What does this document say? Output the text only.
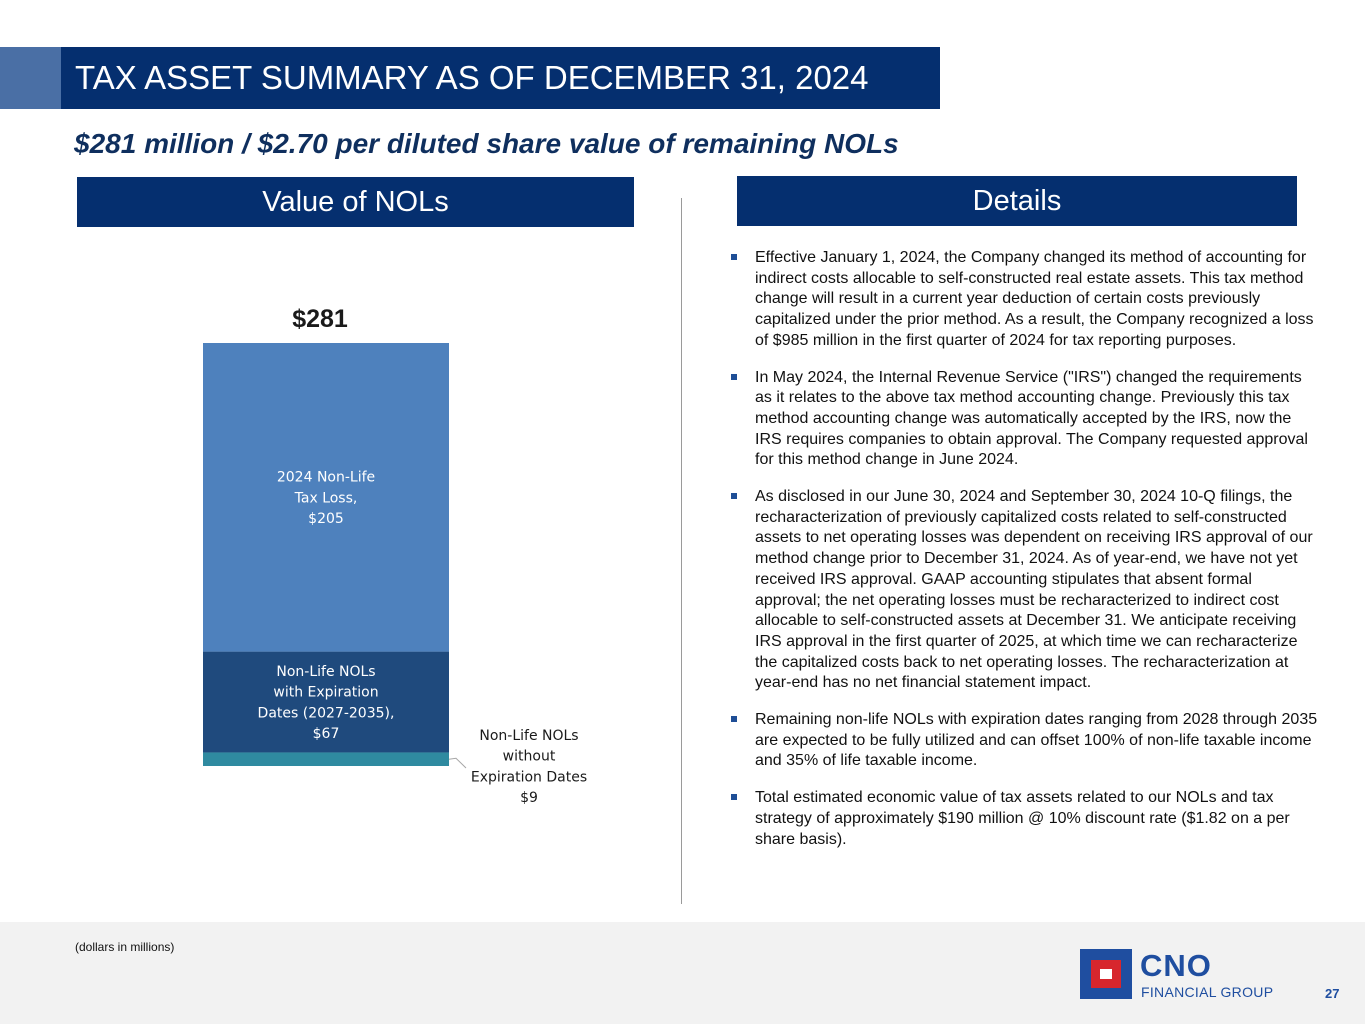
TAX ASSET SUMMARY AS OF DECEMBER 31, 2024
$281 million / $2.70 per diluted share value of remaining NOLs
Value of NOLs	Details
Non-Life NOLs without Expiration Dates $9
Non-Life NOLs with Expiration Dates (2027-2035), $67
2024 Non-Life Tax Loss, $205
$281
Effective January 1, 2024, the Company changed its method of accounting for indirect costs allocable to self-constructed real estate assets. This tax method change will result in a current year deduction of certain costs previously capitalized under the prior method. As a result, the Company recognized a loss of $985 million in the first quarter of 2024 for tax reporting purposes.
In May 2024, the Internal Revenue Service ("IRS") changed the requirements as it relates to the above tax method accounting change. Previously this tax method accounting change was automatically accepted by the IRS, now the IRS requires companies to obtain approval. The Company requested approval for this method change in June 2024.
As disclosed in our June 30, 2024 and September 30, 2024 10-Q filings, the recharacterization of previously capitalized costs related to self-constructed assets to net operating losses was dependent on receiving IRS approval of our method change prior to December 31, 2024. As of year-end, we have not yet received IRS approval. GAAP accounting stipulates that absent formal approval; the net operating losses must be recharacterized to indirect cost allocable to self-constructed assets at December 31. We anticipate receiving IRS approval in the first quarter of 2025, at which time we can recharacterize the capitalized costs back to net operating losses. The recharacterization at year-end has no net financial statement impact.
Remaining non-life NOLs with expiration dates ranging from 2028 through 2035 are expected to be fully utilized and can offset 100% of non-life taxable income and 35% of life taxable income.
Total estimated economic value of tax assets related to our NOLs and tax strategy of approximately $190 million @ 10% discount rate ($1.82 on a per share basis).
(dollars in millions)
CNO
FINANCIAL GROUP	27
